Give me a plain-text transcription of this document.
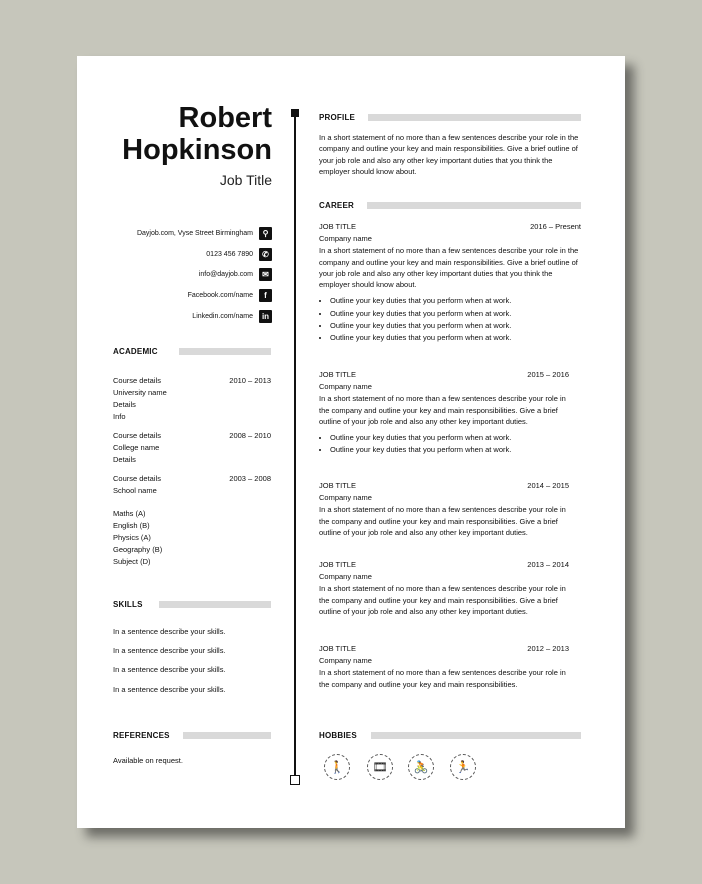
Robert
Hopkinson
Job Title
Dayjob.com, Vyse Street Birmingham	⚲
0123 456 7890	✆
info@dayjob.com	✉
Facebook.com/name	f
Linkedin.com/name	in
ACADEMIC
Course details	2010 – 2013
University name
Details
Info
Course details	2008 – 2010
College name
Details
Course details	2003 – 2008
School name
Maths (A)
English (B)
Physics (A)
Geography (B)
Subject (D)
SKILLS
In a sentence describe your skills.
In a sentence describe your skills.
In a sentence describe your skills.
In a sentence describe your skills.
REFERENCES
Available on request.
PROFILE
In a short statement of no more than a few sentences describe your role in the company and outline your key and main responsibilities. Give a brief outline of your job role and also any other key important duties that you think the employer should know about.
CAREER
JOB TITLE	2016 – Present
Company name
In a short statement of no more than a few sentences describe your role in the company and outline your key and main responsibilities. Give a brief outline of your job role and also any other key important duties that you think the employer should know about.
• Outline your key duties that you perform when at work.
• Outline your key duties that you perform when at work.
• Outline your key duties that you perform when at work.
• Outline your key duties that you perform when at work.
JOB TITLE	2015 – 2016
Company name
In a short statement of no more than a few sentences describe your role in the company and outline your key and main responsibilities. Give a brief outline of your job role and also any other key important duties.
• Outline your key duties that you perform when at work.
• Outline your key duties that you perform when at work.
JOB TITLE	2014 – 2015
Company name
In a short statement of no more than a few sentences describe your role in the company and outline your key and main responsibilities. Give a brief outline of your job role and also any other key important duties.
JOB TITLE	2013 – 2014
Company name
In a short statement of no more than a few sentences describe your role in the company and outline your key and main responsibilities. Give a brief outline of your job role and also any other key important duties.
JOB TITLE	2012 – 2013
Company name
In a short statement of no more than a few sentences describe your role in the company and outline your key and main responsibilities.
HOBBIES
🚶	🎞	🚴	🏃
